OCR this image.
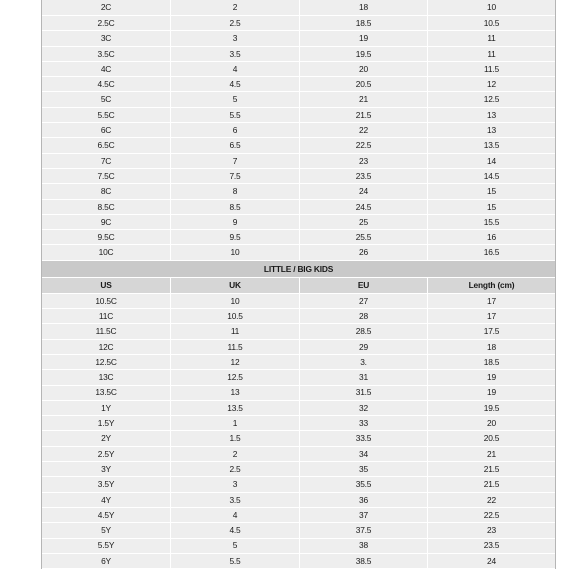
2C	2	18	10
2.5C	2.5	18.5	10.5
3C	3	19	11
3.5C	3.5	19.5	11
4C	4	20	11.5
4.5C	4.5	20.5	12
5C	5	21	12.5
5.5C	5.5	21.5	13
6C	6	22	13
6.5C	6.5	22.5	13.5
7C	7	23	14
7.5C	7.5	23.5	14.5
8C	8	24	15
8.5C	8.5	24.5	15
9C	9	25	15.5
9.5C	9.5	25.5	16
10C	10	26	16.5
LITTLE / BIG KIDS
US	UK	EU	Length (cm)
10.5C	10	27	17
11C	10.5	28	17
11.5C	11	28.5	17.5
12C	11.5	29	18
12.5C	12	3.	18.5
13C	12.5	31	19
13.5C	13	31.5	19
1Y	13.5	32	19.5
1.5Y	1	33	20
2Y	1.5	33.5	20.5
2.5Y	2	34	21
3Y	2.5	35	21.5
3.5Y	3	35.5	21.5
4Y	3.5	36	22
4.5Y	4	37	22.5
5Y	4.5	37.5	23
5.5Y	5	38	23.5
6Y	5.5	38.5	24
